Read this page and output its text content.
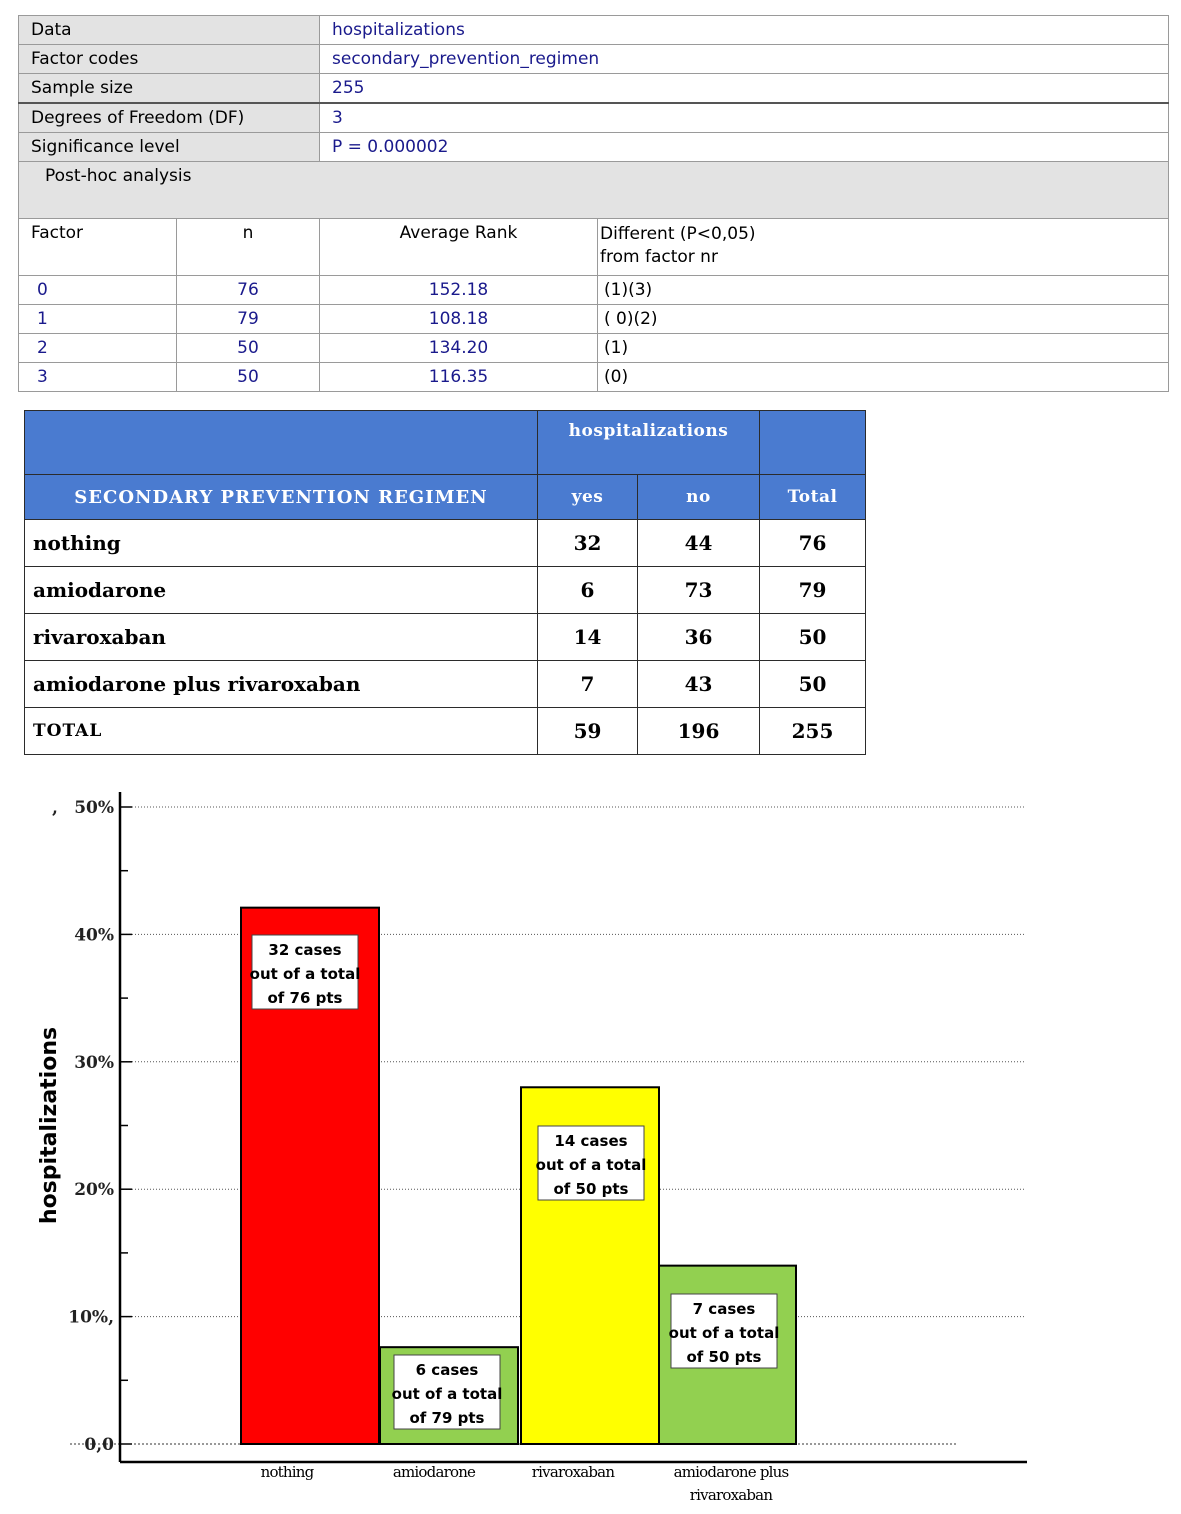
Data		hospitalizations	
Factor codes		secondary_prevention_regimen	
Sample size		255	
Degrees of Freedom (DF)		3	
Significance level		P = 0.000002	
Post-hoc analysis			
Factor	n	Average Rank	Different (P<0,05)
from factor nr
0	76	152.18	(1)(3)
1	79	108.18	( 0)(2)
2	50	134.20	(1)
3	50	116.35	(0)
	hospitalizations		
SECONDARY PREVENTION REGIMEN	yes	no	Total
nothing	32	44	76
amiodarone	6	73	79
rivaroxaban	14	36	50
amiodarone plus rivaroxaban	7	43	50
TOTAL	59	196	255
0,0
10%,
20%
30%
40%
50%
,
hospitalizations
32 cases
out of a total
of 76 pts
6 cases
out of a total
of 79 pts
14 cases
out of a total
of 50 pts
7 cases
out of a total
of 50 pts
nothing	amiodarone	rivaroxaban	amiodarone plus
rivaroxaban
